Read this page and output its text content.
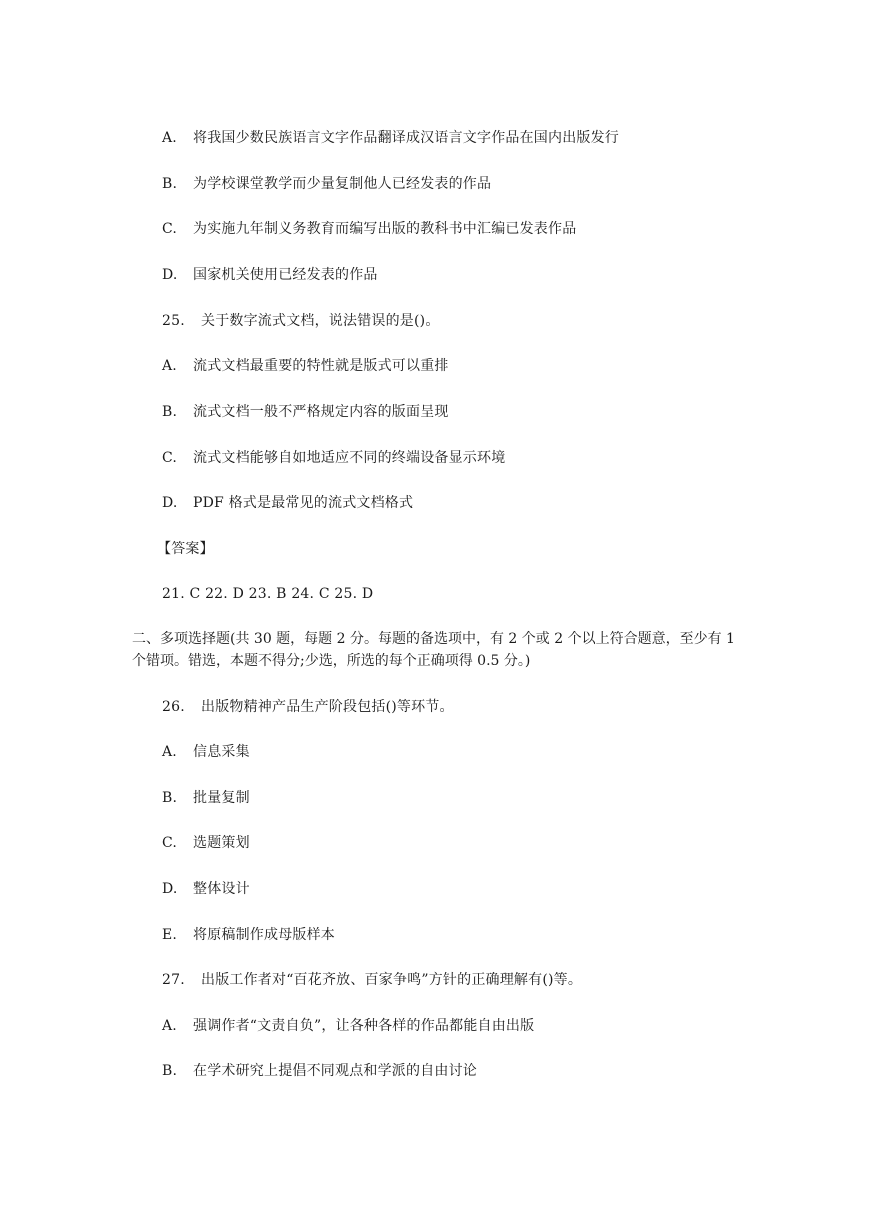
A. 将我国少数民族语言文字作品翻译成汉语言文字作品在国内出版发行
B. 为学校课堂教学而少量复制他人已经发表的作品
C. 为实施九年制义务教育而编写出版的教科书中汇编已发表作品
D. 国家机关使用已经发表的作品
25. 关于数字流式文档，说法错误的是()。
A. 流式文档最重要的特性就是版式可以重排
B. 流式文档一般不严格规定内容的版面呈现
C. 流式文档能够自如地适应不同的终端设备显示环境
D. PDF 格式是最常见的流式文档格式
【答案】
21. C 22. D 23. B 24. C 25. D
二、多项选择题(共 30 题，每题 2 分。每题的备选项中，有 2 个或 2 个以上符合题意，至少有 1 个错项。错选，本题不得分;少选，所选的每个正确项得 0.5 分。)
26. 出版物精神产品生产阶段包括()等环节。
A. 信息采集
B. 批量复制
C. 选题策划
D. 整体设计
E. 将原稿制作成母版样本
27. 出版工作者对“百花齐放、百家争鸣”方针的正确理解有()等。
A. 强调作者“文责自负”，让各种各样的作品都能自由出版
B. 在学术研究上提倡不同观点和学派的自由讨论
